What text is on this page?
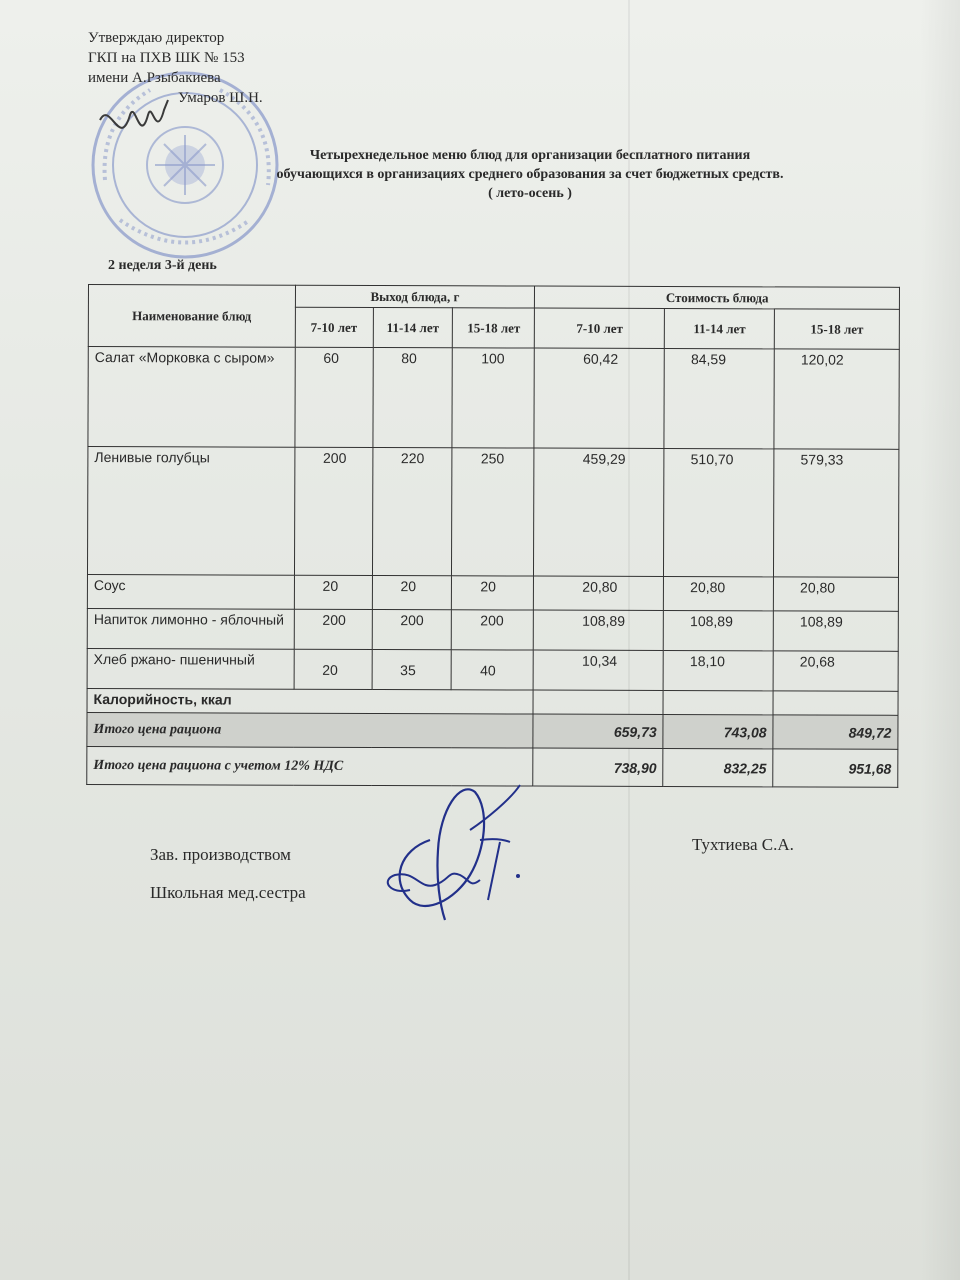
Утверждаю директор
ГКП на ПХВ ШК № 153
имени А.Рзыбакиева
Умаров Ш.Н.
Четырехнедельное меню блюд для организации бесплатного питания
обучающихся в организациях среднего образования за счет бюджетных средств.
( лето-осень )
2 неделя 3-й день
Наименование блюд	Выход блюда, г			Стоимость блюда		
	7-10 лет	11-14 лет	15-18 лет	7-10 лет	11-14 лет	15-18 лет
Салат «Морковка с сыром»	60	80	100	60,42	84,59	120,02
Ленивые голубцы	200	220	250	459,29	510,70	579,33
Соус	20	20	20	20,80	20,80	20,80
Напиток лимонно - яблочный	200	200	200	108,89	108,89	108,89
Хлеб ржано- пшеничный	20	35	40	10,34	18,10	20,68
Калорийность, ккал						
Итого цена рациона				659,73	743,08	849,72
Итого цена рациона с учетом 12% НДС				738,90	832,25	951,68
Зав. производством
Школьная мед.сестра
Тухтиева С.А.
